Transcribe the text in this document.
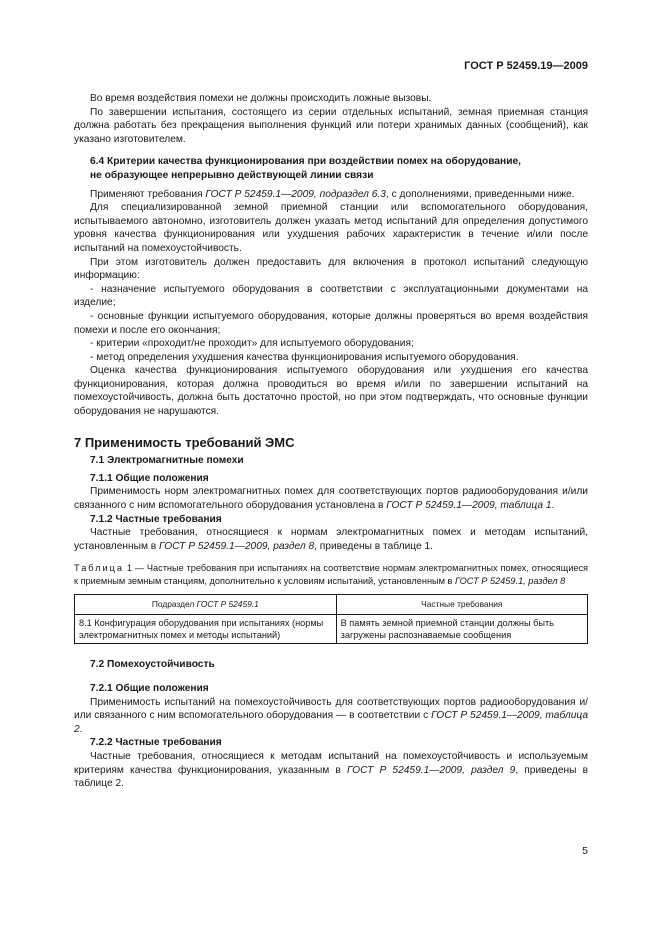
ГОСТ Р 52459.19—2009

Во время воздействия помехи не должны происходить ложные вызовы.

По завершении испытания, состоящего из серии отдельных испытаний, земная приемная станция должна работать без прекращения выполнения функций или потери хранимых данных (сообщений), как указано изготовителем.

6.4 Критерии качества функционирования при воздействии помех на оборудование,

не образующее непрерывно действующей линии связи

Применяют требования ГОСТ Р 52459.1—2009, подраздел 6.3, с дополнениями, приведенными ниже.

Для специализированной земной приемной станции или вспомогательного оборудования, испытываемого автономно, изготовитель должен указать метод испытаний для определения допустимого уровня качества функционирования или ухудшения рабочих характеристик в течение и/или после испытаний на помехоустойчивость.

При этом изготовитель должен предоставить для включения в протокол испытаний следующую информацию:

- назначение испытуемого оборудования в соответствии с эксплуатационными документами на изделие;

- основные функции испытуемого оборудования, которые должны проверяться во время воздействия помехи и после его окончания;

- критерии «проходит/не проходит» для испытуемого оборудования;

- метод определения ухудшения качества функционирования испытуемого оборудования.

Оценка качества функционирования испытуемого оборудования или ухудшения его качества функционирования, которая должна проводиться во время и/или по завершении испытаний на помехоустойчивость, должна быть достаточно простой, но при этом подтверждать, что основные функции оборудования не нарушаются.

7 Применимость требований ЭМС

7.1 Электромагнитные помехи

7.1.1 Общие положения

Применимость норм электромагнитных помех для соответствующих портов радиооборудования и/или связанного с ним вспомогательного оборудования установлена в ГОСТ Р 52459.1—2009, таблица 1.

7.1.2 Частные требования

Частные требования, относящиеся к нормам электромагнитных помех и методам испытаний, установленным в ГОСТ Р 52459.1—2009, раздел 8, приведены в таблице 1.

Таблица 1 — Частные требования при испытаниях на соответствие нормам электромагнитных помех, относящиеся к приемным земным станциям, дополнительно к условиям испытаний, установленным в ГОСТ Р 52459.1, раздел 8

Подраздел ГОСТ Р 52459.1	Частные требования
8.1 Конфигурация оборудования при испытаниях (нормы электромагнитных помех и методы испытаний)	В память земной приемной станции должны быть загружены распознаваемые сообщения

7.2 Помехоустойчивость

7.2.1 Общие положения

Применимость испытаний на помехоустойчивость для соответствующих портов радиооборудования и/или связанного с ним вспомогательного оборудования — в соответствии с ГОСТ Р 52459.1—2009, таблица 2.

7.2.2 Частные требования

Частные требования, относящиеся к методам испытаний на помехоустойчивость и используемым критериям качества функционирования, указанным в ГОСТ Р 52459.1—2009, раздел 9, приведены в таблице 2.

5
